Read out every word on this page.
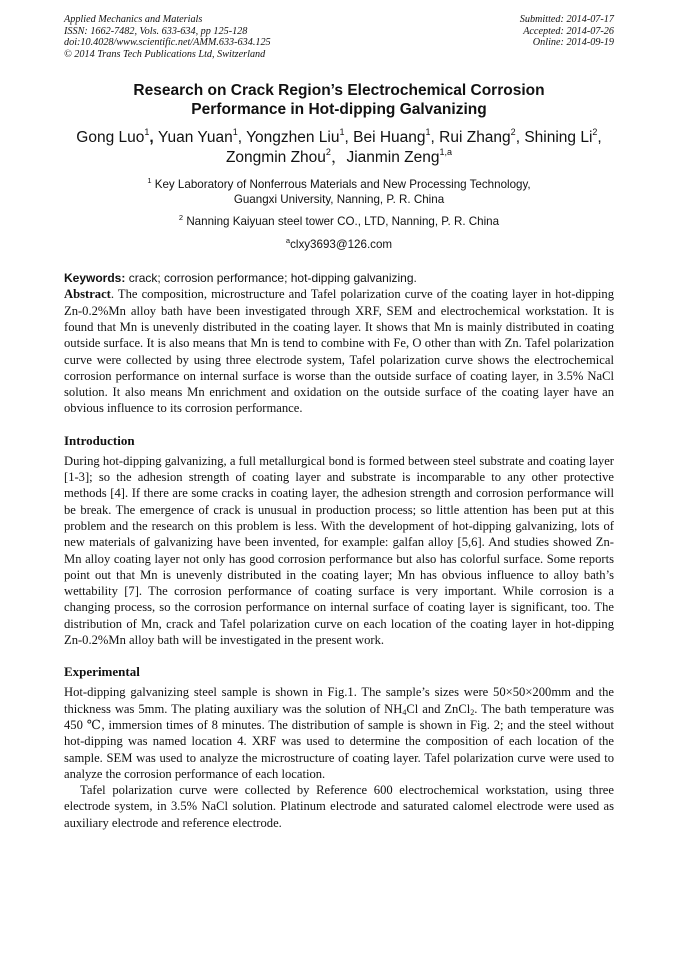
Applied Mechanics and Materials
ISSN: 1662-7482, Vols. 633-634, pp 125-128
doi:10.4028/www.scientific.net/AMM.633-634.125
© 2014 Trans Tech Publications Ltd, Switzerland
Submitted: 2014-07-17
Accepted: 2014-07-26
Online: 2014-09-19
Research on Crack Region’s Electrochemical Corrosion
Performance in Hot-dipping Galvanizing
Gong Luo$^1$, Yuan Yuan$^1$, Yongzhen Liu$^1$, Bei Huang$^1$, Rui Zhang$^2$, Shining Li$^2$,
Zongmin Zhou$^2$，Jianmin Zeng$^{1,a}$
$^1$ Key Laboratory of Nonferrous Materials and New Processing Technology,
Guangxi University, Nanning, P. R. China
$^2$ Nanning Kaiyuan steel tower CO., LTD, Nanning, P. R. China
$^a$clxy3693@126.com
Keywords: crack; corrosion performance; hot-dipping galvanizing.

Abstract. The composition, microstructure and Tafel polarization curve of the coating layer in hot-dipping Zn-0.2%Mn alloy bath have been investigated through XRF, SEM and electrochemical workstation. It is found that Mn is unevenly distributed in the coating layer. It shows that Mn is mainly distributed in coating outside surface. It is also means that Mn is tend to combine with Fe, O other than with Zn. Tafel polarization curve were collected by using three electrode system, Tafel polarization curve shows the electrochemical corrosion performance on internal surface is worse than the outside surface of coating layer, in 3.5% NaCl solution. It also means Mn enrichment and oxidation on the outside surface of the coating layer have an obvious influence to its corrosion performance.

Introduction

During hot-dipping galvanizing, a full metallurgical bond is formed between steel substrate and coating layer [1-3]; so the adhesion strength of coating layer and substrate is incomparable to any other protective methods [4]. If there are some cracks in coating layer, the adhesion strength and corrosion performance will be break. The emergence of crack is unusual in production process; so little attention has been put at this problem and the research on this problem is less. With the development of hot-dipping galvanizing, lots of new materials of galvanizing have been invented, for example: galfan alloy [5,6]. And studies showed Zn-Mn alloy coating layer not only has good corrosion performance but also has colorful surface. Some reports point out that Mn is unevenly distributed in the coating layer; Mn has obvious influence to alloy bath’s wettability [7]. The corrosion performance of coating surface is very important. While corrosion is a changing process, so the corrosion performance on internal surface of coating layer is significant, too. The distribution of Mn, crack and Tafel polarization curve on each location of the coating layer in hot-dipping Zn-0.2%Mn alloy bath will be investigated in the present work.

Experimental

Hot-dipping galvanizing steel sample is shown in Fig.1. The sample’s sizes were 50×50×200mm and the thickness was 5mm. The plating auxiliary was the solution of $NH_4Cl$ and ZnCl$_2$. The bath temperature was 450 ℃, immersion times of 8 minutes. The distribution of sample is shown in Fig. 2; and the steel without hot-dipping was named location 4. XRF was used to determine the composition of each location of the sample. SEM was used to analyze the microstructure of coating layer. Tafel polarization curve were used to analyze the corrosion performance of each location.

Tafel polarization curve were collected by Reference 600 electrochemical workstation, using three electrode system, in 3.5% NaCl solution. Platinum electrode and saturated calomel electrode were used as auxiliary electrode and reference electrode.
